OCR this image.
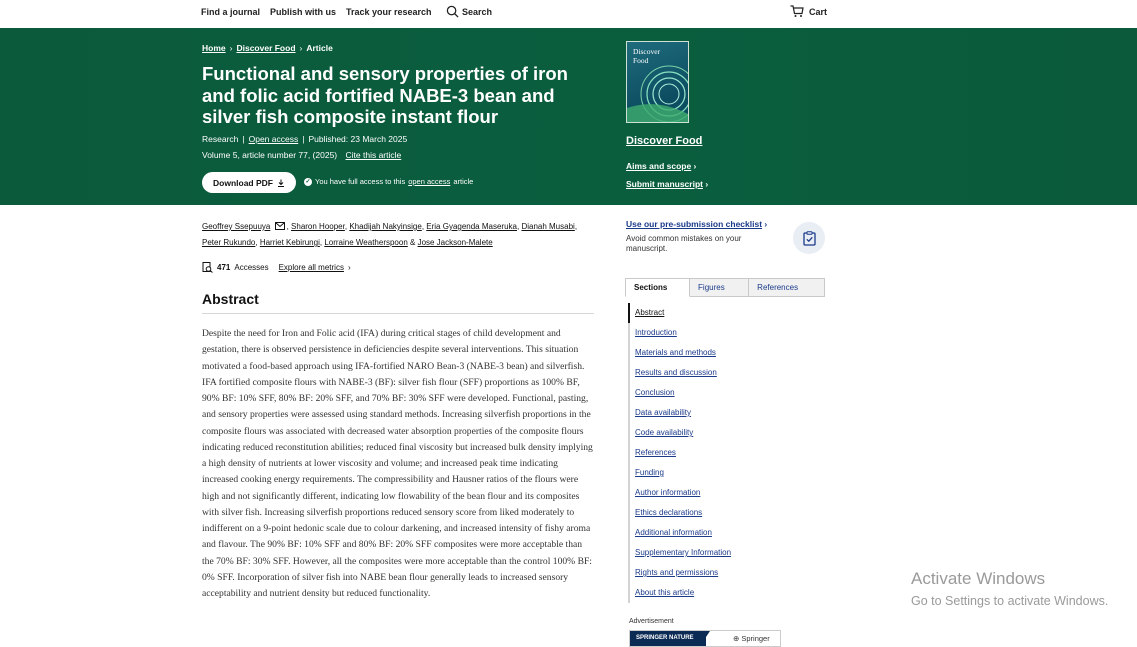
Find a journal Publish with us Track your research	Search	Cart
Home › Discover Food › Article
Functional and sensory properties of iron and folic acid fortified NABE-3 bean and silver fish composite instant flour
Research | Open access | Published: 23 March 2025
Volume 5, article number 77, (2025) Cite this article
Download PDF	✓ You have full access to this open access article
Discover
Food
Discover Food
Aims and scope ›
Submit manuscript ›
Geoffrey Ssepuuya , Sharon Hooper, Khadijah Nakyinsige, Eria Gyagenda Maseruka, Dianah Musabi,
Peter Rukundo, Harriet Kebirungi, Lorraine Weatherspoon & Jose Jackson-Malete
471 Accesses Explore all metrics ›
Abstract

Despite the need for Iron and Folic acid (IFA) during critical stages of child development and gestation, there is observed persistence in deficiencies despite several interventions. This situation motivated a food-based approach using IFA-fortified NARO Bean-3 (NABE-3 bean) and silverfish. IFA fortified composite flours with NABE-3 (BF): silver fish flour (SFF) proportions as 100% BF, 90% BF: 10% SFF, 80% BF: 20% SFF, and 70% BF: 30% SFF were developed. Functional, pasting, and sensory properties were assessed using standard methods. Increasing silverfish proportions in the composite flours was associated with decreased water absorption properties of the composite flours indicating reduced reconstitution abilities; reduced final viscosity but increased bulk density implying a high density of nutrients at lower viscosity and volume; and increased peak time indicating increased cooking energy requirements. The compressibility and Hausner ratios of the flours were high and not significantly different, indicating low flowability of the bean flour and its composites with silver fish. Increasing silverfish proportions reduced sensory score from liked moderately to indifferent on a 9-point hedonic scale due to colour darkening, and increased intensity of fishy aroma and flavour. The 90% BF: 10% SFF and 80% BF: 20% SFF composites were more acceptable than the 70% BF: 30% SFF. However, all the composites were more acceptable than the control 100% BF: 0% SFF. Incorporation of silver fish into NABE bean flour generally leads to increased sensory acceptability and nutrient density but reduced functionality.

Use our pre-submission checklist ›
Avoid common mistakes on your manuscript.
Sections	Figures	References
Abstract
Introduction
Materials and methods
Results and discussion
Conclusion
Data availability
Code availability
References
Funding
Author information
Ethics declarations
Additional information
Supplementary Information
Rights and permissions
About this article
Advertisement
SPRINGER NATURE	⊕ Springer
Activate Windows
Go to Settings to activate Windows.
